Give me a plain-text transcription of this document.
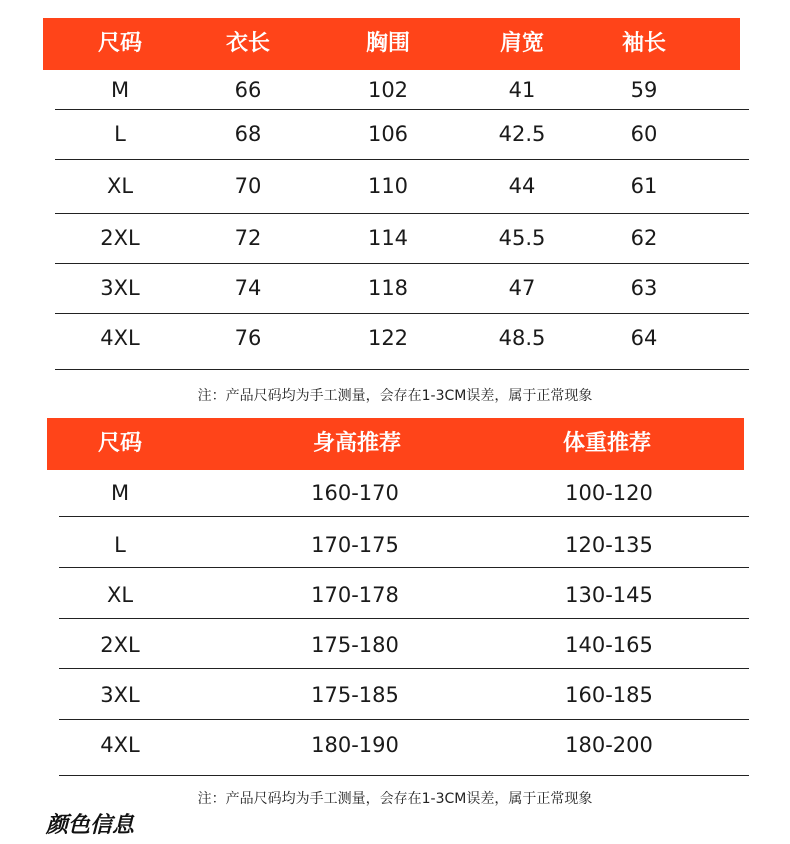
尺码	衣长	胸围	肩宽	袖长
M	66	102	41	59
L	68	106	42.5	60
XL	70	110	44	61
2XL	72	114	45.5	62
3XL	74	118	47	63
4XL	76	122	48.5	64
注：产品尺码均为手工测量，会存在1-3CM误差，属于正常现象
尺码	身高推荐	体重推荐
M	160-170	100-120
L	170-175	120-135
XL	170-178	130-145
2XL	175-180	140-165
3XL	175-185	160-185
4XL	180-190	180-200
注：产品尺码均为手工测量，会存在1-3CM误差，属于正常现象
颜色信息
